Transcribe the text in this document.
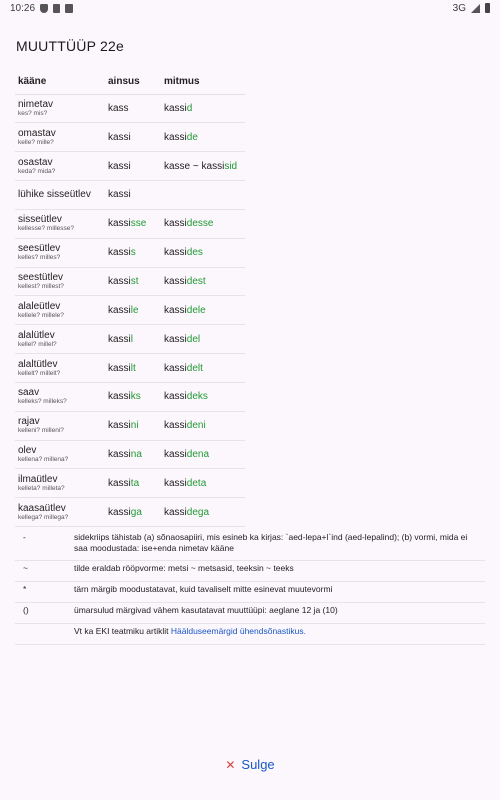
10:26	3G
MUUTTÜÜP 22e
kääne	ainsus	mitmus

nimetav
kes? mis?	kass	kassid

omastav
kelle? mille?	kassi	kasside

osastav
keda? mida?	kassi	kasse ~ kassisid

lühike sisseütlev	kassi	

sisseütlev
kellesse? millesse?	kassisse	kassidesse

seesütlev
kelles? milles?	kassis	kassides

seestütlev
kellest? millest?	kassist	kassidest

alaleütlev
kellele? millele?	kassile	kassidele

alalütlev
kellel? millel?	kassil	kassidel

alaltütlev
kellelt? millelt?	kassilt	kassidelt

saav
kelleks? milleks?	kassiks	kassideks

rajav
kelleni? milleni?	kassini	kassideni

olev
kellena? millena?	kassina	kassidena

ilmaütlev
kelleta? milleta?	kassita	kassideta

kaasaütlev
kellega? millega?	kassiga	kassidega
-	sidekriips tähistab (a) sõnaosapiiri, mis esineb ka kirjas: `aed-lepa+l`ind (aed-lepalind); (b) vormi, mida ei saa moodustada: ise+enda nimetav kääne
~	tilde eraldab rööpvorme: metsi ~ metsasid, teeksin ~ teeks
*	tärn märgib moodustatavat, kuid tavaliselt mitte esinevat muutevormi
()	ümarsulud märgivad vähem kasutatavat muuttüüpi: aeglane 12 ja (10)
	Vt ka EKI teatmiku artiklit Häälduseemärgid ühendsõnastikus.
✕ Sulge
